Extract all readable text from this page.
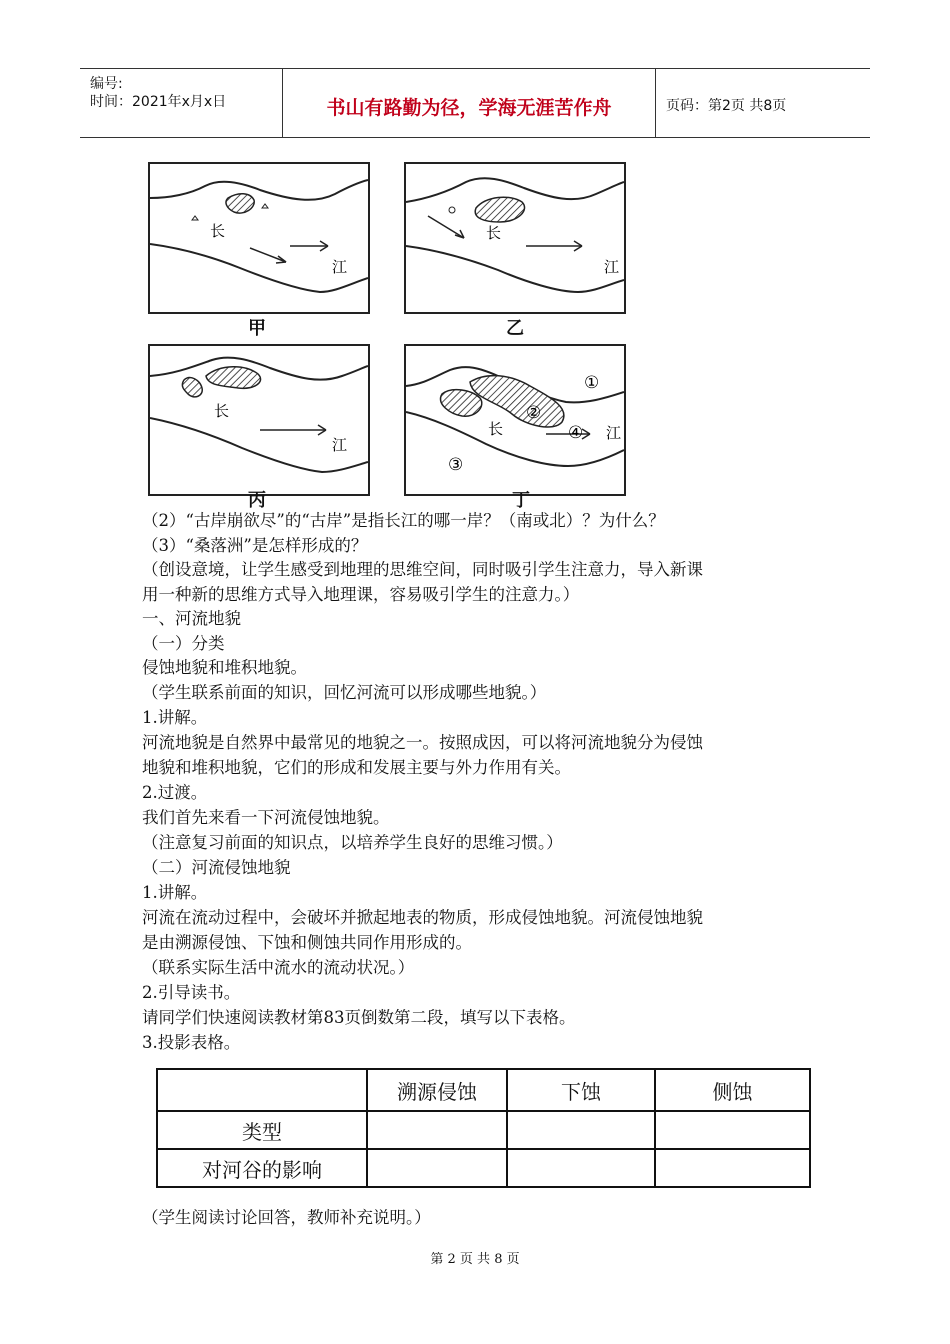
编号:
时间：2021年x月x日	书山有路勤为径，学海无涯苦作舟	页码：第2页 共8页
长
江
甲
长
江
乙
长
江
丙
长	江
①
②
③
④
丁
（2）“古岸崩欲尽”的“古岸”是指长江的哪一岸？（南或北）？为什么？
（3）“桑落洲”是怎样形成的？
（创设意境，让学生感受到地理的思维空间，同时吸引学生注意力，导入新课
用一种新的思维方式导入地理课，容易吸引学生的注意力。）
一、河流地貌
（一）分类
侵蚀地貌和堆积地貌。
（学生联系前面的知识，回忆河流可以形成哪些地貌。）
1.讲解。
河流地貌是自然界中最常见的地貌之一。按照成因，可以将河流地貌分为侵蚀
地貌和堆积地貌，它们的形成和发展主要与外力作用有关。
2.过渡。
我们首先来看一下河流侵蚀地貌。
（注意复习前面的知识点，以培养学生良好的思维习惯。）
（二）河流侵蚀地貌
1.讲解。
河流在流动过程中，会破坏并掀起地表的物质，形成侵蚀地貌。河流侵蚀地貌
是由溯源侵蚀、下蚀和侧蚀共同作用形成的。
（联系实际生活中流水的流动状况。）
2.引导读书。
请同学们快速阅读教材第83页倒数第二段，填写以下表格。
3.投影表格。
	溯源侵蚀	下蚀	侧蚀
类型			
对河谷的影响			
（学生阅读讨论回答，教师补充说明。）
第 2 页 共 8 页
